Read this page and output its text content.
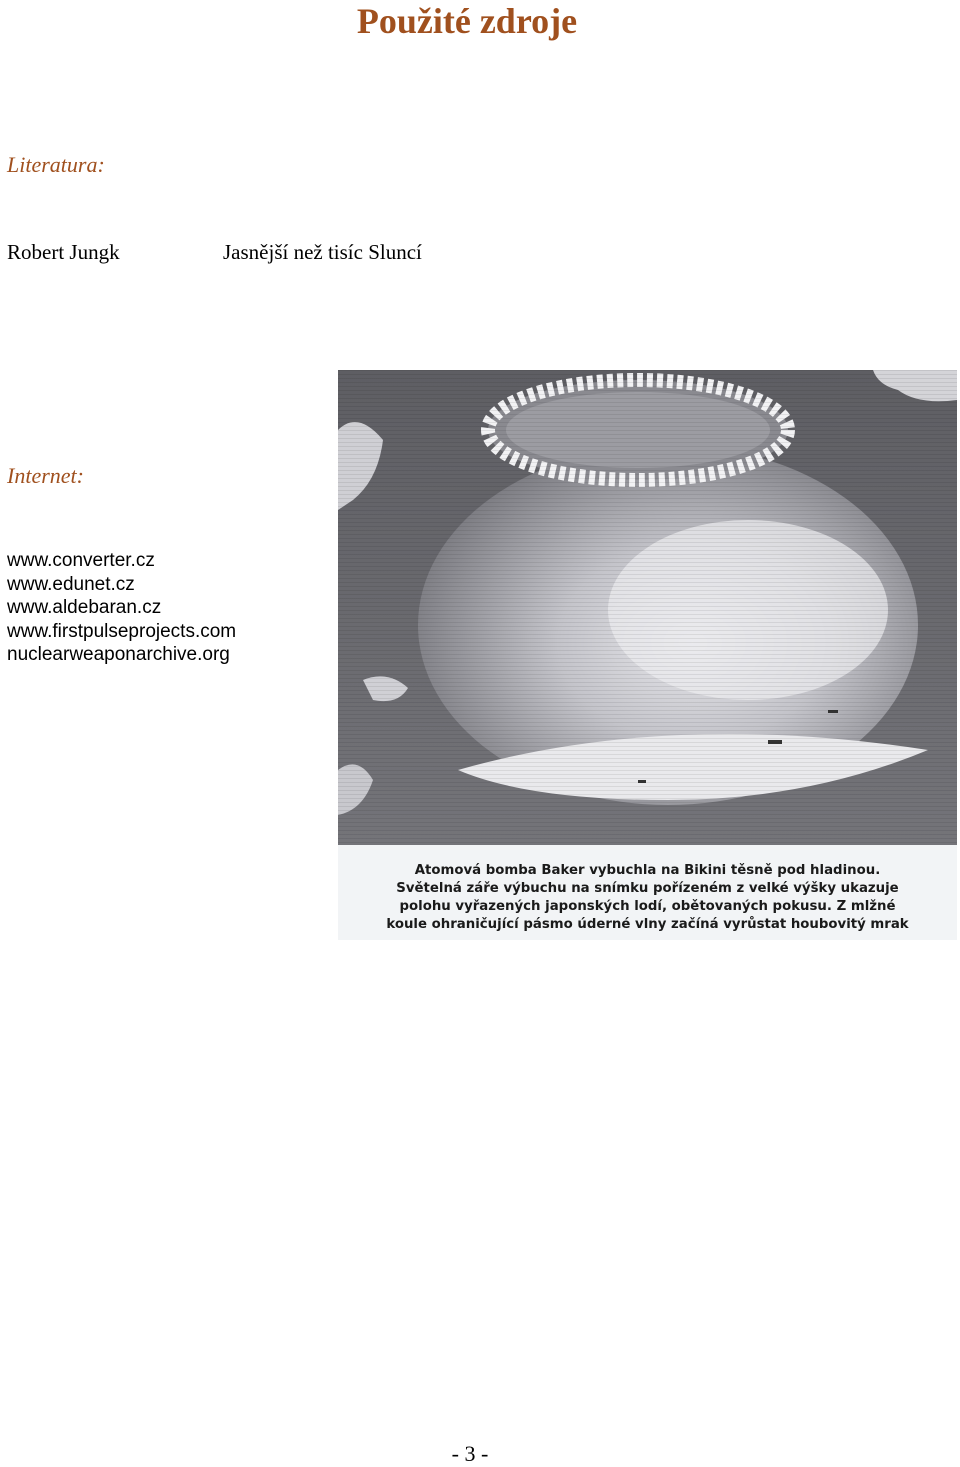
Použité zdroje
Literatura:
Robert Jungk	Jasnější než tisíc Sluncí
Internet:
www.converter.cz
www.edunet.cz
www.aldebaran.cz
www.firstpulseprojects.com
nuclearweaponarchive.org
Atomová bomba Baker vybuchla na Bikini těsně pod hladinou.
Světelná záře výbuchu na snímku pořízeném z velké výšky ukazuje
polohu vyřazených japonských lodí, obětovaných pokusu. Z mlžné
koule ohraničující pásmo úderné vlny začíná vyrůstat houbovitý mrak
- 3 -
